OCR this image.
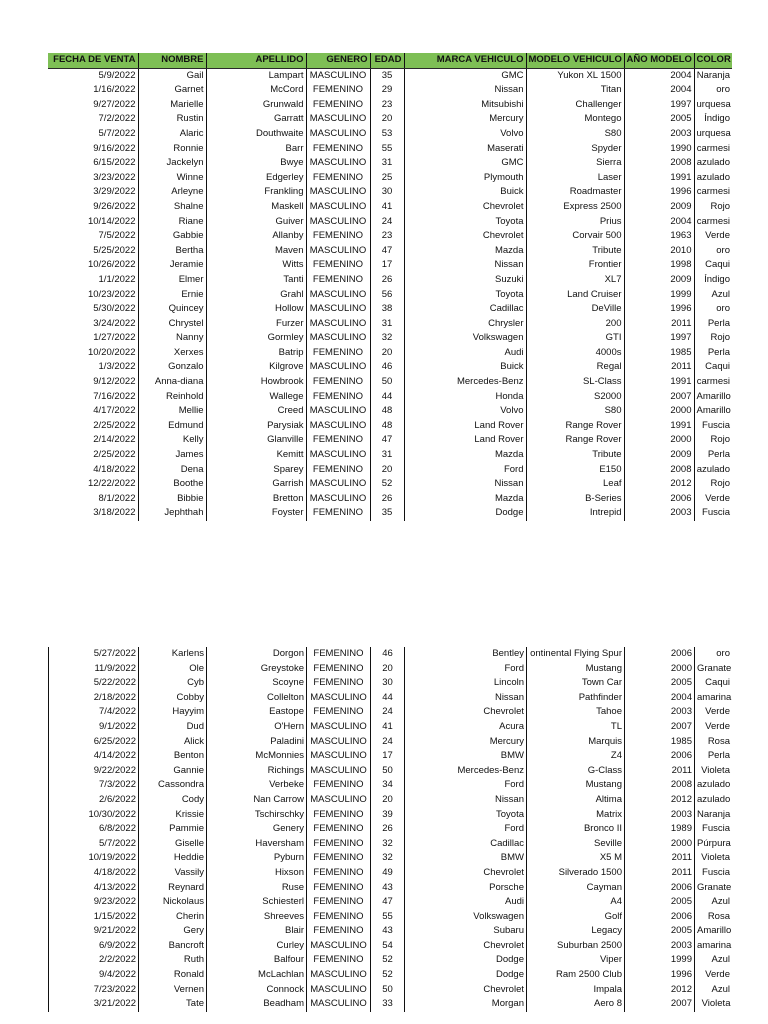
FECHA DE VENTA	NOMBRE	APELLIDO	GENERO	EDAD	MARCA VEHICULO	MODELO VEHICULO	AÑO MODELO	COLOR
5/9/2022	Gail	Lampart	MASCULINO	35	GMC	Yukon XL 1500	2004	Naranja
1/16/2022	Garnet	McCord	FEMENINO	29	Nissan	Titan	2004	oro
9/27/2022	Marielle	Grunwald	FEMENINO	23	Mitsubishi	Challenger	1997	urquesa
7/2/2022	Rustin	Garratt	MASCULINO	20	Mercury	Montego	2005	Índigo
5/7/2022	Alaric	Douthwaite	MASCULINO	53	Volvo	S80	2003	urquesa
9/16/2022	Ronnie	Barr	FEMENINO	55	Maserati	Spyder	1990	carmesi
6/15/2022	Jackelyn	Bwye	MASCULINO	31	GMC	Sierra	2008	azulado
3/23/2022	Winne	Edgerley	FEMENINO	25	Plymouth	Laser	1991	azulado
3/29/2022	Arleyne	Frankling	MASCULINO	30	Buick	Roadmaster	1996	carmesi
9/26/2022	Shalne	Maskell	MASCULINO	41	Chevrolet	Express 2500	2009	Rojo
10/14/2022	Riane	Guiver	MASCULINO	24	Toyota	Prius	2004	carmesi
7/5/2022	Gabbie	Allanby	FEMENINO	23	Chevrolet	Corvair 500	1963	Verde
5/25/2022	Bertha	Maven	MASCULINO	47	Mazda	Tribute	2010	oro
10/26/2022	Jeramie	Witts	FEMENINO	17	Nissan	Frontier	1998	Caqui
1/1/2022	Elmer	Tanti	FEMENINO	26	Suzuki	XL7	2009	Índigo
10/23/2022	Ernie	Grahl	MASCULINO	56	Toyota	Land Cruiser	1999	Azul
5/30/2022	Quincey	Hollow	MASCULINO	38	Cadillac	DeVille	1996	oro
3/24/2022	Chrystel	Furzer	MASCULINO	31	Chrysler	200	2011	Perla
1/27/2022	Nanny	Gormley	MASCULINO	32	Volkswagen	GTI	1997	Rojo
10/20/2022	Xerxes	Batrip	FEMENINO	20	Audi	4000s	1985	Perla
1/3/2022	Gonzalo	Kilgrove	MASCULINO	46	Buick	Regal	2011	Caqui
9/12/2022	Anna-diana	Howbrook	FEMENINO	50	Mercedes-Benz	SL-Class	1991	carmesi
7/16/2022	Reinhold	Wallege	FEMENINO	44	Honda	S2000	2007	Amarillo
4/17/2022	Mellie	Creed	MASCULINO	48	Volvo	S80	2000	Amarillo
2/25/2022	Edmund	Parysiak	MASCULINO	48	Land Rover	Range Rover	1991	Fuscia
2/14/2022	Kelly	Glanville	FEMENINO	47	Land Rover	Range Rover	2000	Rojo
2/25/2022	James	Kemitt	MASCULINO	31	Mazda	Tribute	2009	Perla
4/18/2022	Dena	Sparey	FEMENINO	20	Ford	E150	2008	azulado
12/22/2022	Boothe	Garrish	MASCULINO	52	Nissan	Leaf	2012	Rojo
8/1/2022	Bibbie	Bretton	MASCULINO	26	Mazda	B-Series	2006	Verde
3/18/2022	Jephthah	Foyster	FEMENINO	35	Dodge	Intrepid	2003	Fuscia
5/27/2022	Karlens	Dorgon	FEMENINO	46	Bentley	ontinental Flying Spur	2006	oro
11/9/2022	Ole	Greystoke	FEMENINO	20	Ford	Mustang	2000	Granate
5/22/2022	Cyb	Scoyne	FEMENINO	30	Lincoln	Town Car	2005	Caqui
2/18/2022	Cobby	Collelton	MASCULINO	44	Nissan	Pathfinder	2004	amarina
7/4/2022	Hayyim	Eastope	FEMENINO	24	Chevrolet	Tahoe	2003	Verde
9/1/2022	Dud	O'Hern	MASCULINO	41	Acura	TL	2007	Verde
6/25/2022	Alick	Paladini	MASCULINO	24	Mercury	Marquis	1985	Rosa
4/14/2022	Benton	McMonnies	MASCULINO	17	BMW	Z4	2006	Perla
9/22/2022	Gannie	Richings	MASCULINO	50	Mercedes-Benz	G-Class	2011	Violeta
7/3/2022	Cassondra	Verbeke	FEMENINO	34	Ford	Mustang	2008	azulado
2/6/2022	Cody	Nan Carrow	MASCULINO	20	Nissan	Altima	2012	azulado
10/30/2022	Krissie	Tschirschky	FEMENINO	39	Toyota	Matrix	2003	Naranja
6/8/2022	Pammie	Genery	FEMENINO	26	Ford	Bronco II	1989	Fuscia
5/7/2022	Giselle	Haversham	FEMENINO	32	Cadillac	Seville	2000	Púrpura
10/19/2022	Heddie	Pyburn	FEMENINO	32	BMW	X5 M	2011	Violeta
4/18/2022	Vassily	Hixson	FEMENINO	49	Chevrolet	Silverado 1500	2011	Fuscia
4/13/2022	Reynard	Ruse	FEMENINO	43	Porsche	Cayman	2006	Granate
9/23/2022	Nickolaus	Schiesterl	FEMENINO	47	Audi	A4	2005	Azul
1/15/2022	Cherin	Shreeves	FEMENINO	55	Volkswagen	Golf	2006	Rosa
9/21/2022	Gery	Blair	FEMENINO	43	Subaru	Legacy	2005	Amarillo
6/9/2022	Bancroft	Curley	MASCULINO	54	Chevrolet	Suburban 2500	2003	amarina
2/2/2022	Ruth	Balfour	FEMENINO	52	Dodge	Viper	1999	Azul
9/4/2022	Ronald	McLachlan	MASCULINO	52	Dodge	Ram 2500 Club	1996	Verde
7/23/2022	Vernen	Connock	MASCULINO	50	Chevrolet	Impala	2012	Azul
3/21/2022	Tate	Beadham	MASCULINO	33	Morgan	Aero 8	2007	Violeta
